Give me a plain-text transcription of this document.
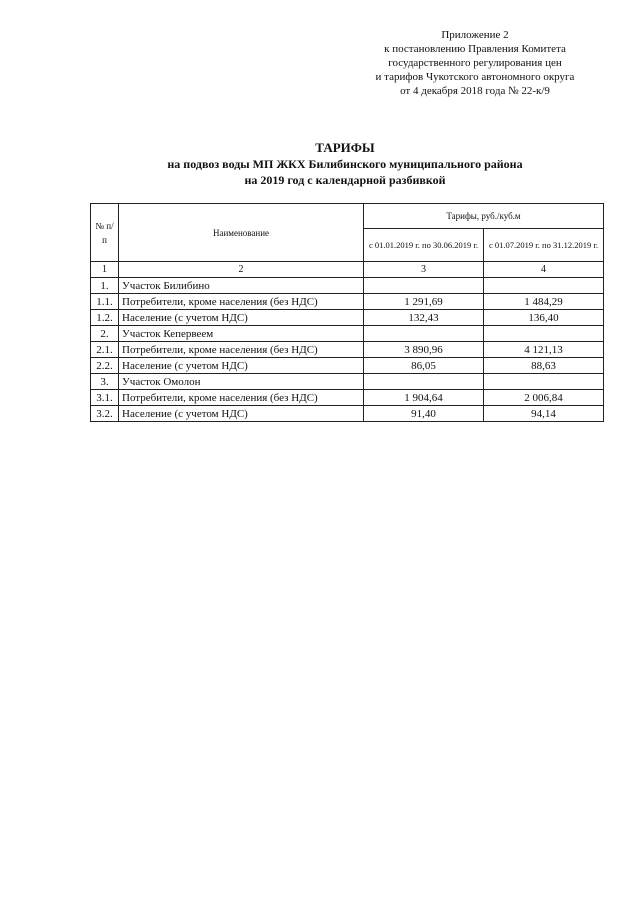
Приложение 2
к постановлению Правления Комитета
государственного регулирования цен
и тарифов Чукотского автономного округа
от 4 декабря 2018 года № 22-к/9
ТАРИФЫ
на подвоз воды МП ЖКХ Билибинского муниципального района
на 2019 год с календарной разбивкой
№ п/п	Наименование	Тарифы, руб./куб.м	
		с 01.01.2019 г. по 30.06.2019 г.	с 01.07.2019 г. по 31.12.2019 г.
1	2	3	4
1.	Участок Билибино		
1.1.	Потребители, кроме населения (без НДС)	1 291,69	1 484,29
1.2.	Население (с учетом НДС)	132,43	136,40
2.	Участок Кепервеем		
2.1.	Потребители, кроме населения (без НДС)	3 890,96	4 121,13
2.2.	Население (с учетом НДС)	86,05	88,63
3.	Участок Омолон		
3.1.	Потребители, кроме населения (без НДС)	1 904,64	2 006,84
3.2.	Население (с учетом НДС)	91,40	94,14
